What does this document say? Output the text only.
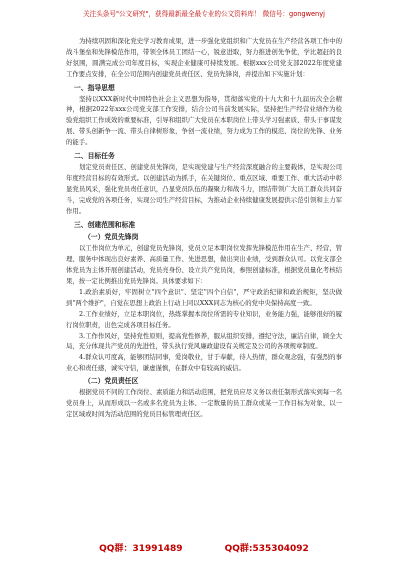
关注头条号"公文研究"，获得最新最全最专业的公文资料库！ 微信号：gongwenyj

为持续巩固和深化党史学习教育成果，进一步强化党组织和广大党员在生产经营各项工作中的战斗堡垒和先锋模范作用，带领全体员工团结一心，锐意进取，努力推进创先争优，学比超赶的良好氛围，圆满完成公司年度目标，实现企业健康可持续发展。根据xxx公司党支部2022年度党建工作要点安排，在全公司范围内创建党员责任区、党员先锋岗，并提出如下实施计划：

一、指导思想

坚持以XXX新时代中国特色社会主义思想为指导，贯彻落实党的十九大和十九届历次全会精神，根据2022年xxx公司党支部工作安排，结合公司当前发展实际，坚持把生产经营业绩作为检验党组织工作成效的重要标准，引导和组织广大党员在本职岗位上带头学习强素质、带头干事谋发展、带头创新争一流、带头自律树形象，争创一流业绩，努力成为工作的模范、岗位的先锋、业务的能手。

二、目标任务

划定党员责任区、创建党员先锋岗，是实现党建与生产经营深度融合的主要载体，是实现公司年度经营目标的有效形式。以创建活动为抓手，在关键岗位、重点区域、重要工作、重大活动中彰显党员风采，强化党员责任意识，凸显党员队伍的凝聚力和战斗力，团结带领广大员工群众共同奋斗，完成党的各项任务，实现公司生产经营目标，为推动企业持续健康发展提供示范引领和主力军作用。

三、创建范围和标准
（一）党员先锋岗

以工作岗位为单元，创建党员先锋岗，党员立足本职岗位发挥先锋模范作用在生产、经营、管理、服务中体现出良好素养、高质量工作、先进思想，做出突出业绩，受到群众认可。以党支部全体党员为主体开展创建活动，党员亮身份、设立共产党员岗，参照创建标准，根据党员量化考核结果，按一定比例推出党员先锋岗。具体要求如下：

1.政治素质好，牢固树立"四个意识"、坚定"四个自信"，严守政治纪律和政治规矩，坚决做到"两个维护"，自觉在思想上政治上行动上同以XXX同志为核心的党中央保持高度一致。

2.工作业绩好，立足本职岗位，热练掌握本岗位所需的专业知识，业务能力强，能够很好的履行岗位职责，出色完成各项目标任务。

3.工作作风好，坚持党性原则，提高党性修养，服从组织安排，遵纪守法，廉洁自律，顾全大局，充分体现共产党员的先进性，带头执行党风廉政建设有关规定及公司的各项规章制度。

4.群众认可度高，能够团结同事，爱岗敬业，甘于奉献，待人热情，群众观念强，有强烈的事业心和责任感，诚实守信，谦虚谨慎，在群众中有较高的威信。

（二）党员责任区

根据党员不同的工作岗位、素质能力和活动范围，把党员应尽义务以责任制形式落实到每一名党员身上，从而形成以一名或多名党员为主体、一定数量的员工群众或某一工作目标为对象、以一定区域或时间为活动范围的党员目标管理责任区。

QQ群：31991489	QQ群:535304092
